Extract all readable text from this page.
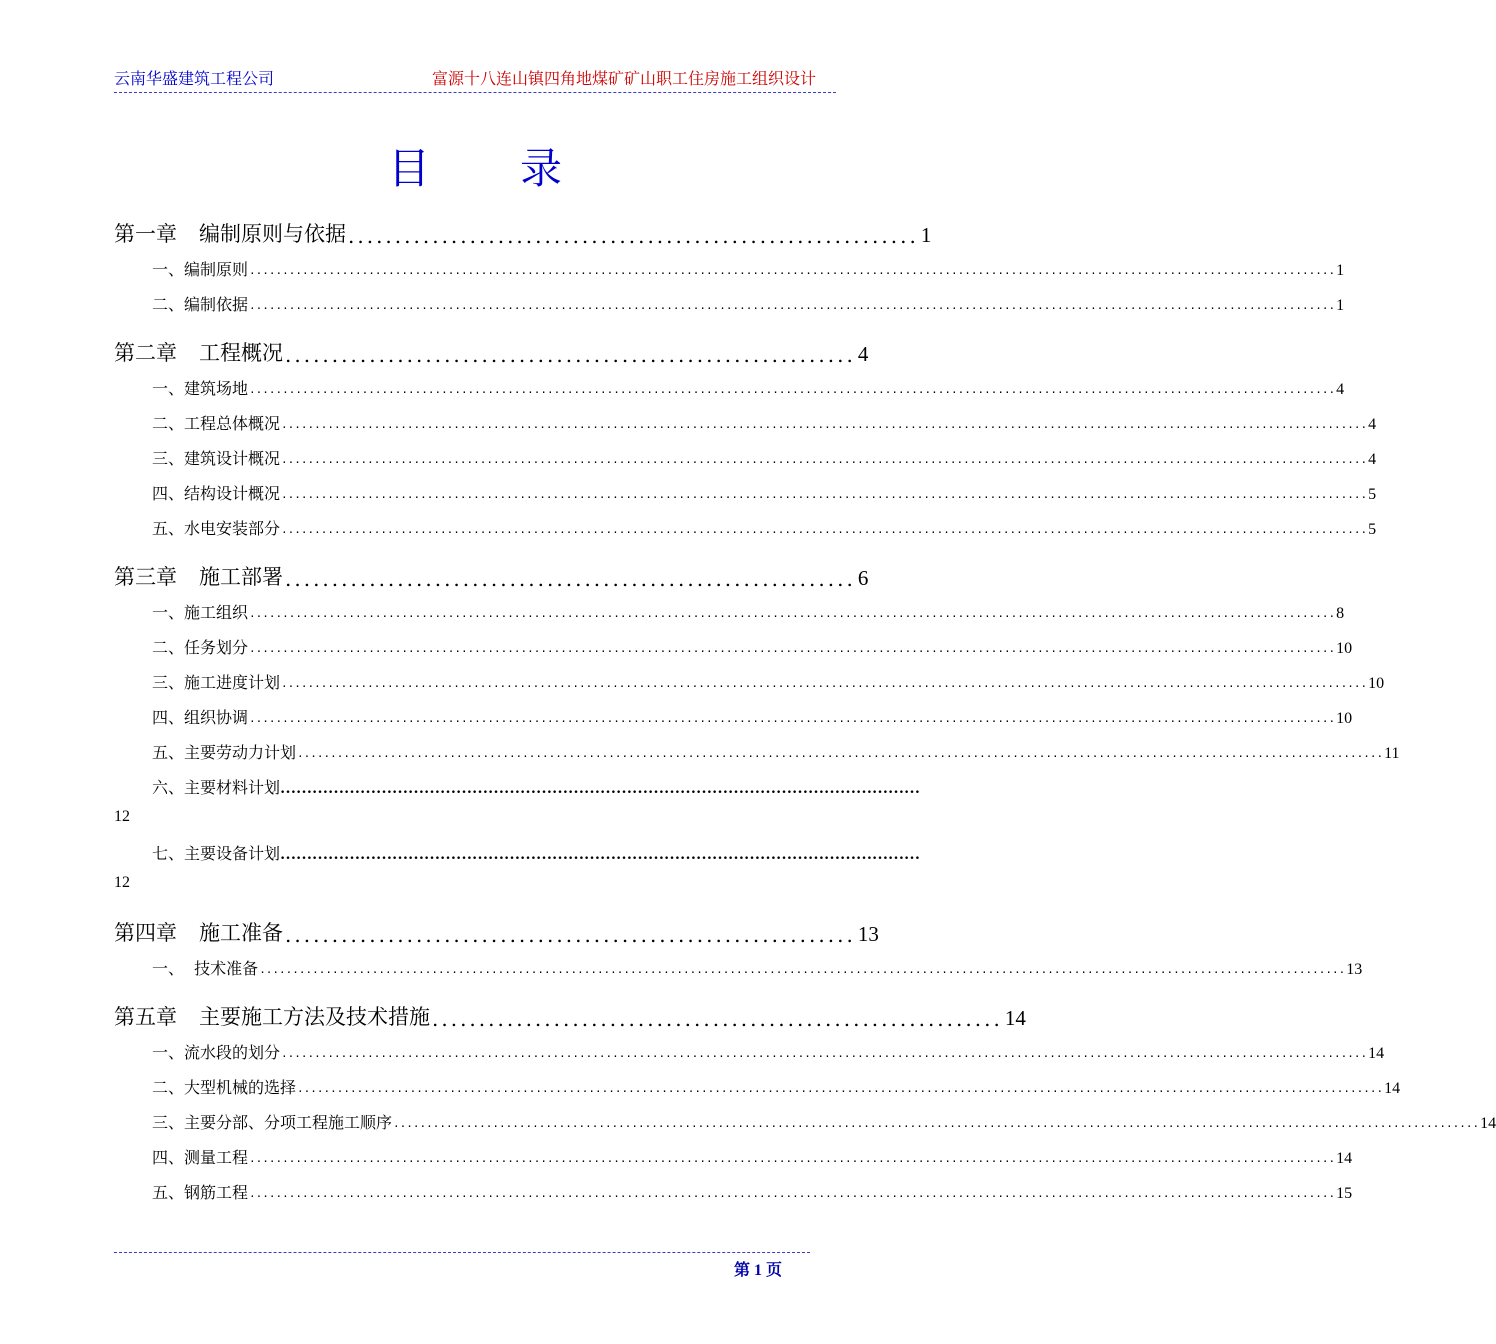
云南华盛建筑工程公司	富源十八连山镇四角地煤矿矿山职工住房施工组织设计
目录
第一章 编制原则与依据 ............................................................. 1
一、编制原则 .................................................................................................................................................................... 1
二、编制依据 .................................................................................................................................................................... 1
第二章 工程概况 ............................................................. 4
一、建筑场地 .................................................................................................................................................................... 4
二、工程总体概况 .................................................................................................................................................................... 4
三、建筑设计概况 .................................................................................................................................................................... 4
四、结构设计概况 .................................................................................................................................................................... 5
五、水电安装部分 .................................................................................................................................................................... 5
第三章 施工部署 ............................................................. 6
一、施工组织 .................................................................................................................................................................... 8
二、任务划分 .................................................................................................................................................................... 10
三、施工进度计划 .................................................................................................................................................................... 10
四、组织协调 .................................................................................................................................................................... 10
五、主要劳动力计划 .................................................................................................................................................................... 11
六、主要材料计划 …………………………………………………………………………………………………………
12
七、主要设备计划 …………………………………………………………………………………………………………
12
第四章 施工准备 ............................................................. 13
一、  技术准备 .................................................................................................................................................................... 13
第五章 主要施工方法及技术措施 ............................................................. 14
一、流水段的划分 .................................................................................................................................................................... 14
二、大型机械的选择 .................................................................................................................................................................... 14
三、主要分部、分项工程施工顺序 .................................................................................................................................................................... 14
四、测量工程 .................................................................................................................................................................... 14
五、钢筋工程 .................................................................................................................................................................... 15
第 1 页
